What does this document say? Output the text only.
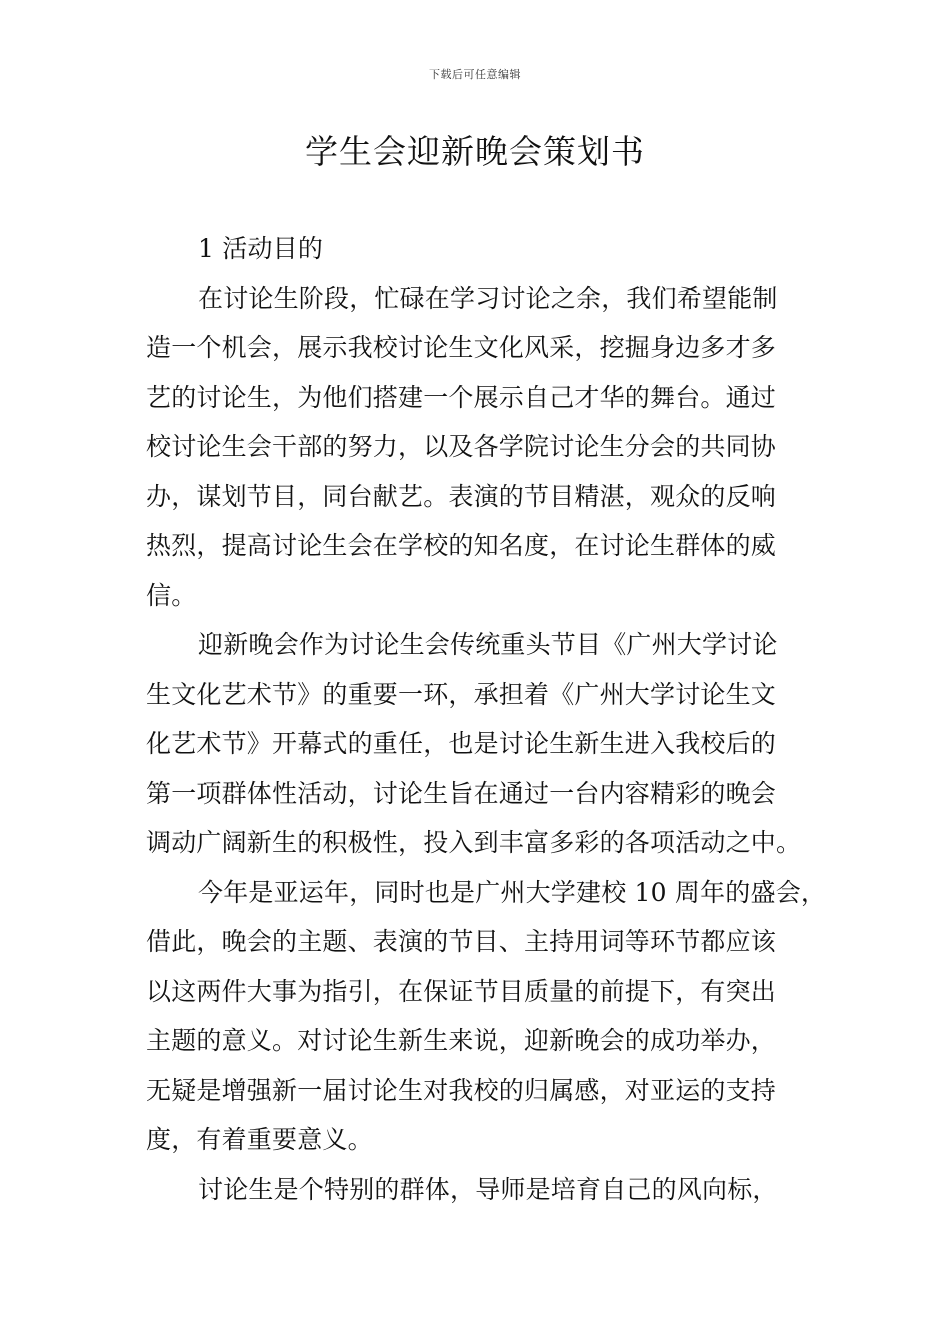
下载后可任意编辑
学生会迎新晚会策划书
1 活动目的
在讨论生阶段，忙碌在学习讨论之余，我们希望能制
造一个机会，展示我校讨论生文化风采，挖掘身边多才多
艺的讨论生，为他们搭建一个展示自己才华的舞台。通过
校讨论生会干部的努力，以及各学院讨论生分会的共同协
办，谋划节目，同台献艺。表演的节目精湛，观众的反响
热烈，提高讨论生会在学校的知名度，在讨论生群体的威
信。
迎新晚会作为讨论生会传统重头节目《广州大学讨论
生文化艺术节》的重要一环，承担着《广州大学讨论生文
化艺术节》开幕式的重任，也是讨论生新生进入我校后的
第一项群体性活动，讨论生旨在通过一台内容精彩的晚会
调动广阔新生的积极性，投入到丰富多彩的各项活动之中。
今年是亚运年，同时也是广州大学建校 10 周年的盛会，
借此，晚会的主题、表演的节目、主持用词等环节都应该
以这两件大事为指引，在保证节目质量的前提下，有突出
主题的意义。对讨论生新生来说，迎新晚会的成功举办，
无疑是增强新一届讨论生对我校的归属感，对亚运的支持
度，有着重要意义。
讨论生是个特别的群体，导师是培育自己的风向标，
